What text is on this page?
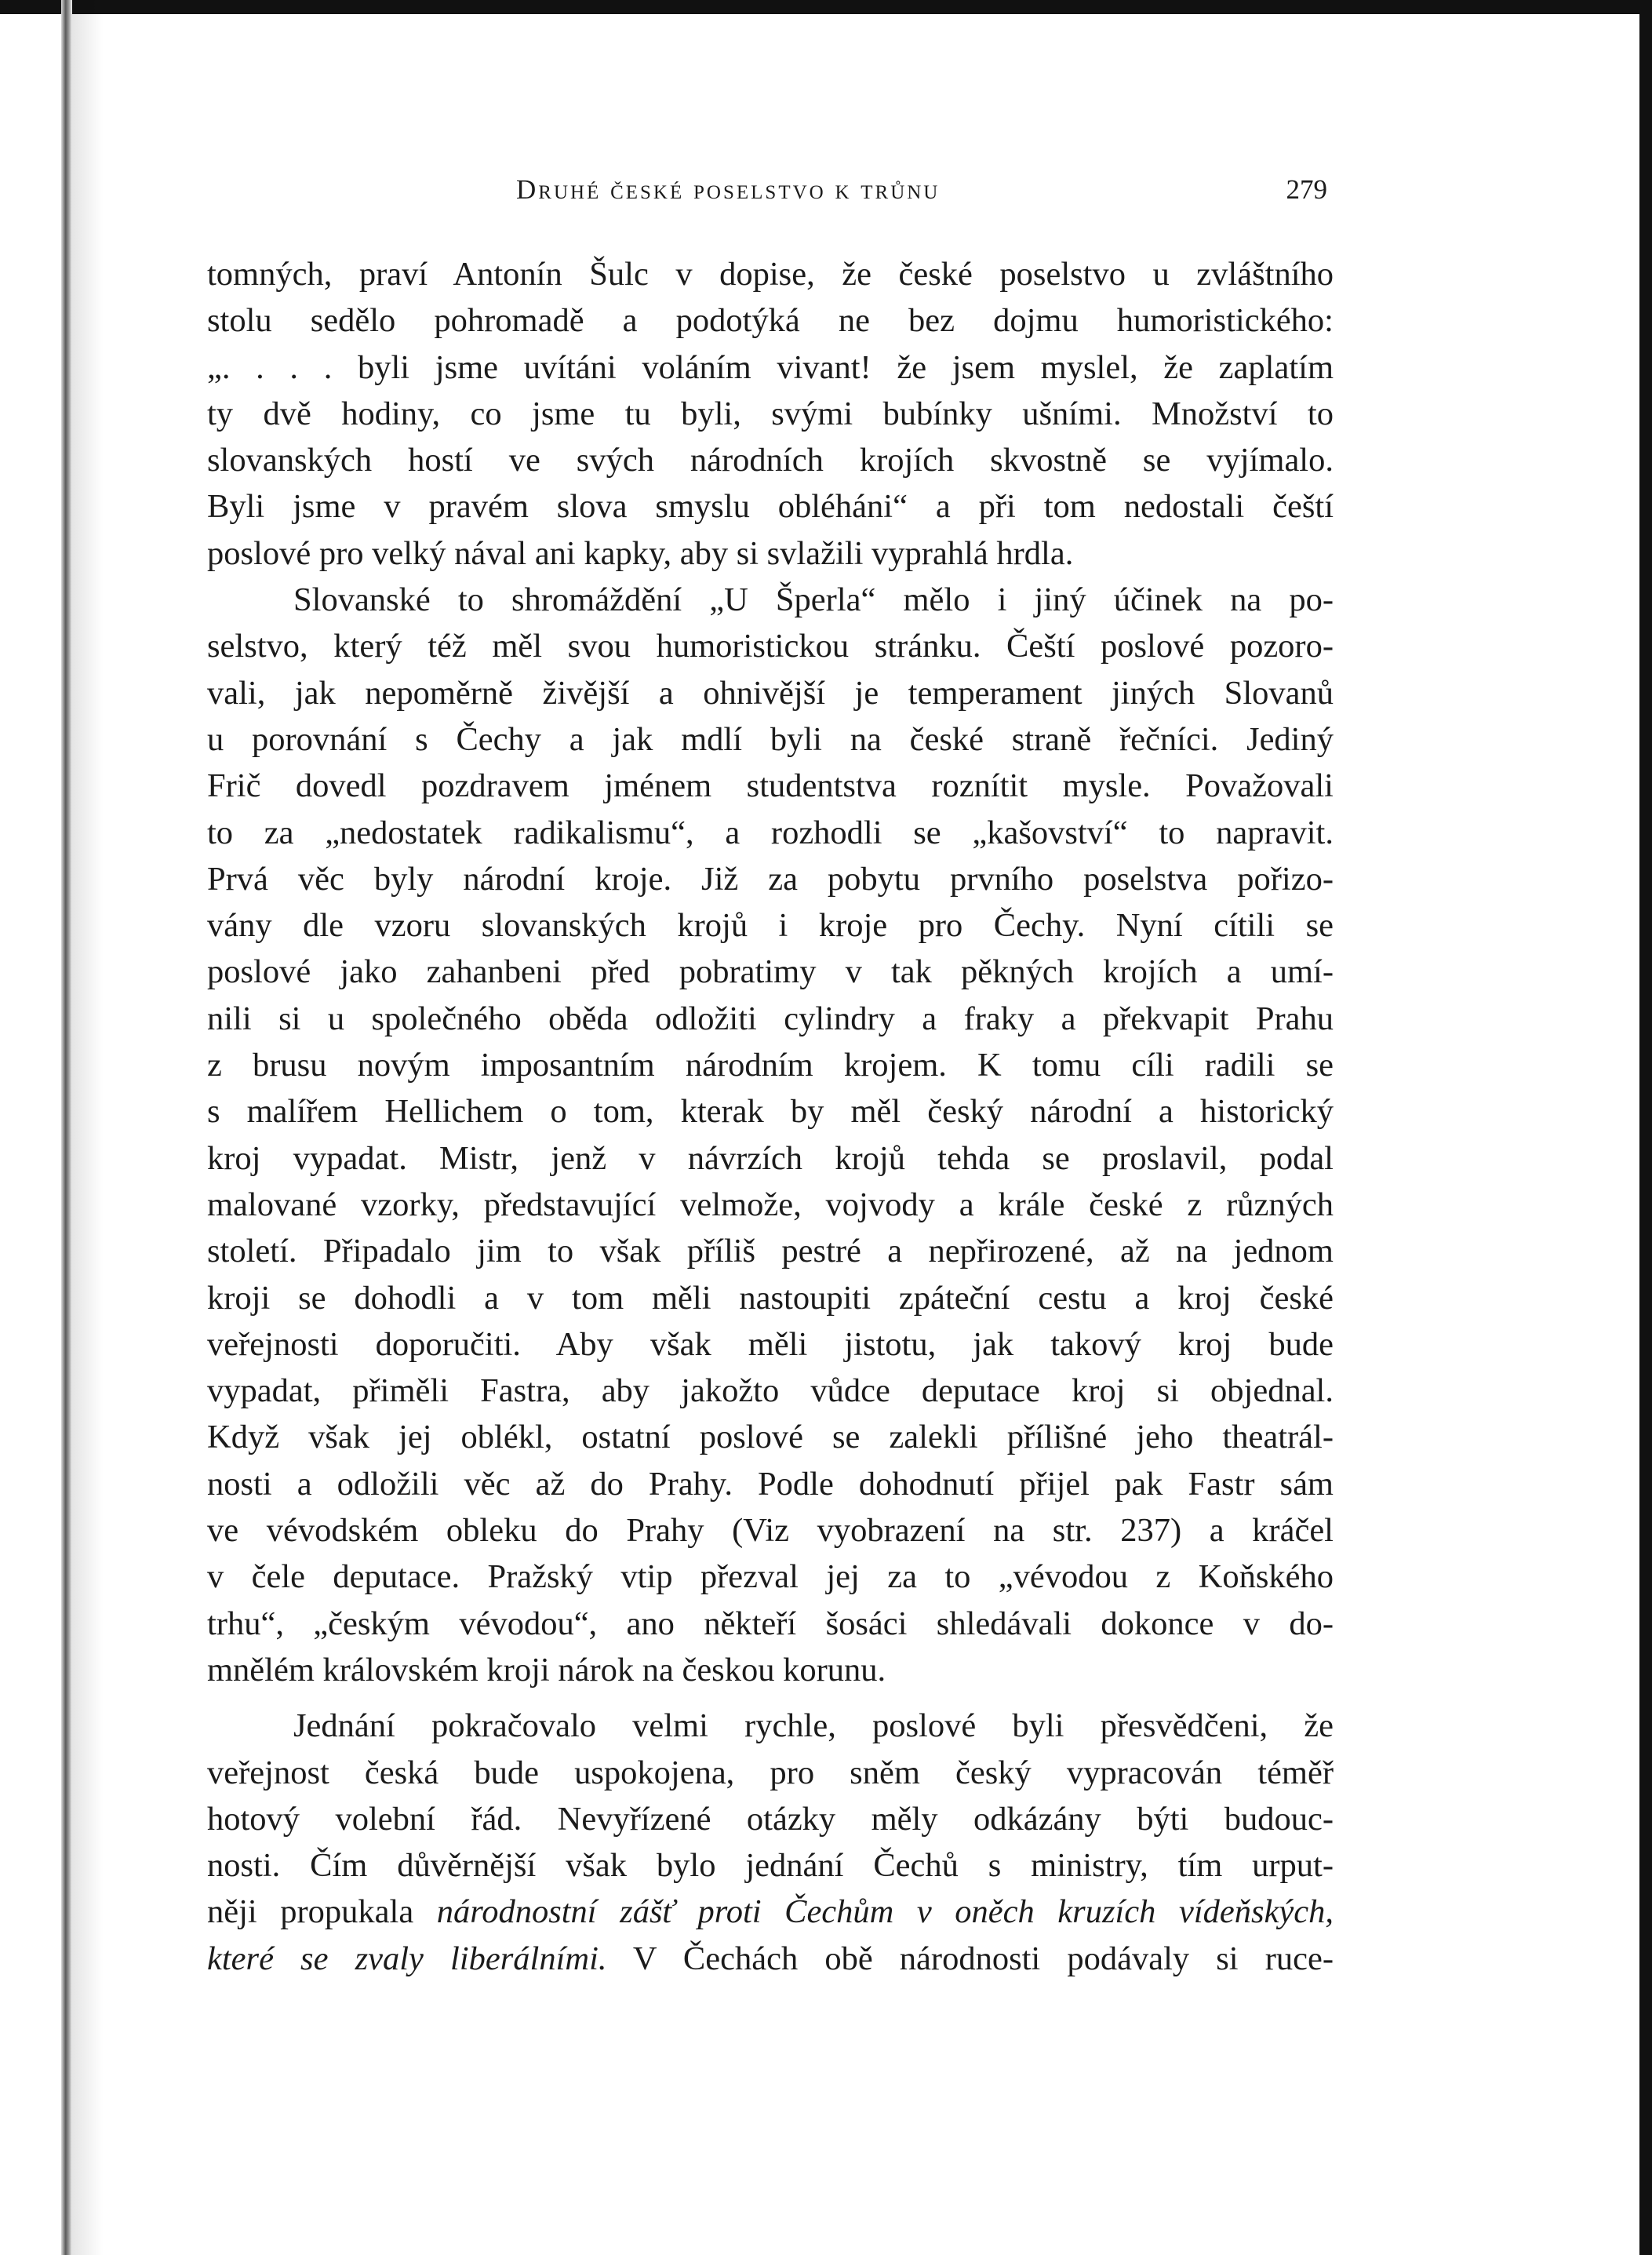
Druhé české poselstvo k trůnu	279
tomných, praví Antonín Šulc v dopise, že české poselstvo u zvláštního
stolu sedělo pohromadě a podotýká ne bez dojmu humoristického:
„. . . . byli jsme uvítáni voláním vivant! že jsem myslel, že zaplatím
ty dvě hodiny, co jsme tu byli, svými bubínky ušními. Množství to
slovanských hostí ve svých národních krojích skvostně se vyjímalo.
Byli jsme v pravém slova smyslu obléháni“ a při tom nedostali čeští
poslové pro velký nával ani kapky, aby si svlažili vyprahlá hrdla.
Slovanské to shromáždění „U Šperla“ mělo i jiný účinek na po-
selstvo, který též měl svou humoristickou stránku. Čeští poslové pozoro-
vali, jak nepoměrně živější a ohnivější je temperament jiných Slovanů
u porovnání s Čechy a jak mdlí byli na české straně řečníci. Jediný
Frič dovedl pozdravem jménem studentstva roznítit mysle. Považovali
to za „nedostatek radikalismu“, a rozhodli se „kašovství“ to napravit.
Prvá věc byly národní kroje. Již za pobytu prvního poselstva pořizo-
vány dle vzoru slovanských krojů i kroje pro Čechy. Nyní cítili se
poslové jako zahanbeni před pobratimy v tak pěkných krojích a umí-
nili si u společného oběda odložiti cylindry a fraky a překvapit Prahu
z brusu novým imposantním národním krojem. K tomu cíli radili se
s malířem Hellichem o tom, kterak by měl český národní a historický
kroj vypadat. Mistr, jenž v návrzích krojů tehda se proslavil, podal
malované vzorky, představující velmože, vojvody a krále české z různých
století. Připadalo jim to však příliš pestré a nepřirozené, až na jednom
kroji se dohodli a v tom měli nastoupiti zpáteční cestu a kroj české
veřejnosti doporučiti. Aby však měli jistotu, jak takový kroj bude
vypadat, přiměli Fastra, aby jakožto vůdce deputace kroj si objednal.
Když však jej oblékl, ostatní poslové se zalekli přílišné jeho theatrál-
nosti a odložili věc až do Prahy. Podle dohodnutí přijel pak Fastr sám
ve vévodském obleku do Prahy (Viz vyobrazení na str. 237) a kráčel
v čele deputace. Pražský vtip přezval jej za to „vévodou z Koňského
trhu“, „českým vévodou“, ano někteří šosáci shledávali dokonce v do-
mnělém královském kroji nárok na českou korunu.
Jednání pokračovalo velmi rychle, poslové byli přesvědčeni, že
veřejnost česká bude uspokojena, pro sněm český vypracován téměř
hotový volební řád. Nevyřízené otázky měly odkázány býti budouc-
nosti. Čím důvěrnější však bylo jednání Čechů s ministry, tím urput-
něji propukala národnostní zášť proti Čechům v oněch kruzích vídeňských,
které se zvaly liberálními. V Čechách obě národnosti podávaly si ruce-
